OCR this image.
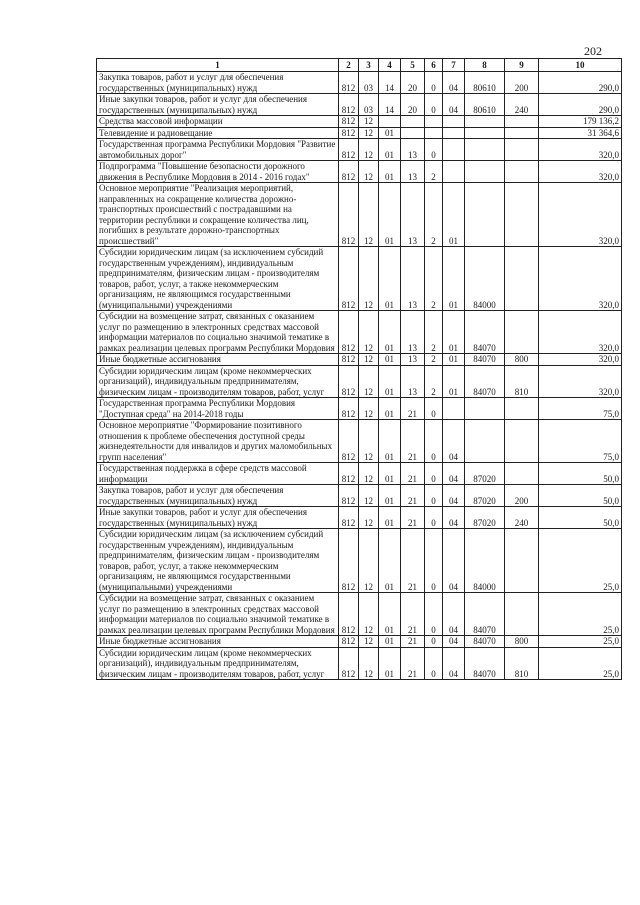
202
1	2	3	4	5	6	7	8	9	10
Закупка товаров, работ и услуг для обеспечения государственных (муниципальных) нужд	812	03	14	20	0	04	80610	200	290,0
Иные закупки товаров, работ и услуг для обеспечения государственных (муниципальных) нужд	812	03	14	20	0	04	80610	240	290,0
Средства массовой информации	812	12							179 136,2
Телевидение и радиовещание	812	12	01						31 364,6
Государственная программа Республики Мордовия "Развитие автомобильных дорог"	812	12	01	13	0				320,0
Подпрограмма "Повышение безопасности дорожного движения в Республике Мордовия в 2014 - 2016 годах"	812	12	01	13	2				320,0
Основное мероприятие "Реализация мероприятий, направленных на сокращение количества дорожно-транспортных происшествий с пострадавшими на территории республики и сокращение количества лиц, погибших в результате дорожно-транспортных происшествий"	812	12	01	13	2	01			320,0
Субсидии юридическим лицам (за исключением субсидий государственным учреждениям), индивидуальным предпринимателям, физическим лицам - производителям товаров, работ, услуг, а также некоммерческим организациям, не являющимся государственными (муниципальными) учреждениями	812	12	01	13	2	01	84000		320,0
Субсидии на возмещение затрат, связанных с оказанием услуг по размещению в электронных средствах массовой информации материалов по социально значимой тематике в рамках реализации целевых программ Республики Мордовия	812	12	01	13	2	01	84070		320,0
Иные бюджетные ассигнования	812	12	01	13	2	01	84070	800	320,0
Субсидии юридическим лицам (кроме некоммерческих организаций), индивидуальным предпринимателям, физическим лицам - производителям товаров, работ, услуг	812	12	01	13	2	01	84070	810	320,0
Государственная программа Республики Мордовия "Доступная среда" на 2014-2018 годы	812	12	01	21	0				75,0
Основное мероприятие "Формирование позитивного отношения к проблеме обеспечения доступной среды жизнедеятельности для инвалидов и других маломобильных групп населения"	812	12	01	21	0	04			75,0
Государственная поддержка в сфере средств массовой информации	812	12	01	21	0	04	87020		50,0
Закупка товаров, работ и услуг для обеспечения государственных (муниципальных) нужд	812	12	01	21	0	04	87020	200	50,0
Иные закупки товаров, работ и услуг для обеспечения государственных (муниципальных) нужд	812	12	01	21	0	04	87020	240	50,0
Субсидии юридическим лицам (за исключением субсидий государственным учреждениям), индивидуальным предпринимателям, физическим лицам - производителям товаров, работ, услуг, а также некоммерческим организациям, не являющимся государственными (муниципальными) учреждениями	812	12	01	21	0	04	84000		25,0
Субсидии на возмещение затрат, связанных с оказанием услуг по размещению в электронных средствах массовой информации материалов по социально значимой тематике в рамках реализации целевых программ Республики Мордовия	812	12	01	21	0	04	84070		25,0
Иные бюджетные ассигнования	812	12	01	21	0	04	84070	800	25,0
Субсидии юридическим лицам (кроме некоммерческих организаций), индивидуальным предпринимателям, физическим лицам - производителям товаров, работ, услуг	812	12	01	21	0	04	84070	810	25,0
